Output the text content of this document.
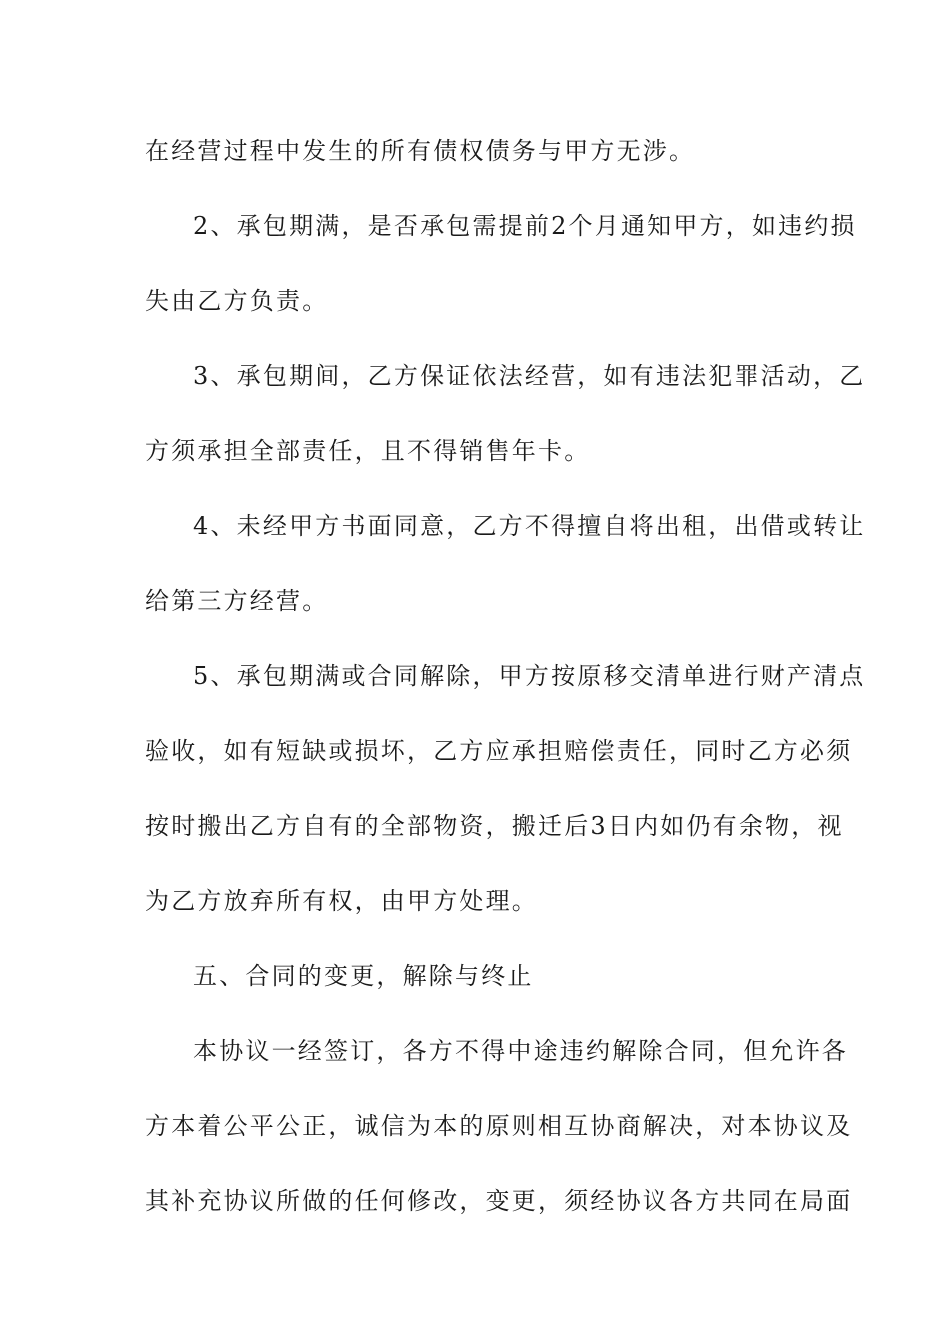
在经营过程中发生的所有债权债务与甲方无涉。
2、承包期满，是否承包需提前2个月通知甲方，如违约损
失由乙方负责。
3、承包期间，乙方保证依法经营，如有违法犯罪活动，乙
方须承担全部责任，且不得销售年卡。
4、未经甲方书面同意，乙方不得擅自将出租，出借或转让
给第三方经营。
5、承包期满或合同解除，甲方按原移交清单进行财产清点
验收，如有短缺或损坏，乙方应承担赔偿责任，同时乙方必须
按时搬出乙方自有的全部物资，搬迁后3日内如仍有余物，视
为乙方放弃所有权，由甲方处理。
五、合同的变更，解除与终止
本协议一经签订，各方不得中途违约解除合同，但允许各
方本着公平公正，诚信为本的原则相互协商解决，对本协议及
其补充协议所做的任何修改，变更，须经协议各方共同在局面
